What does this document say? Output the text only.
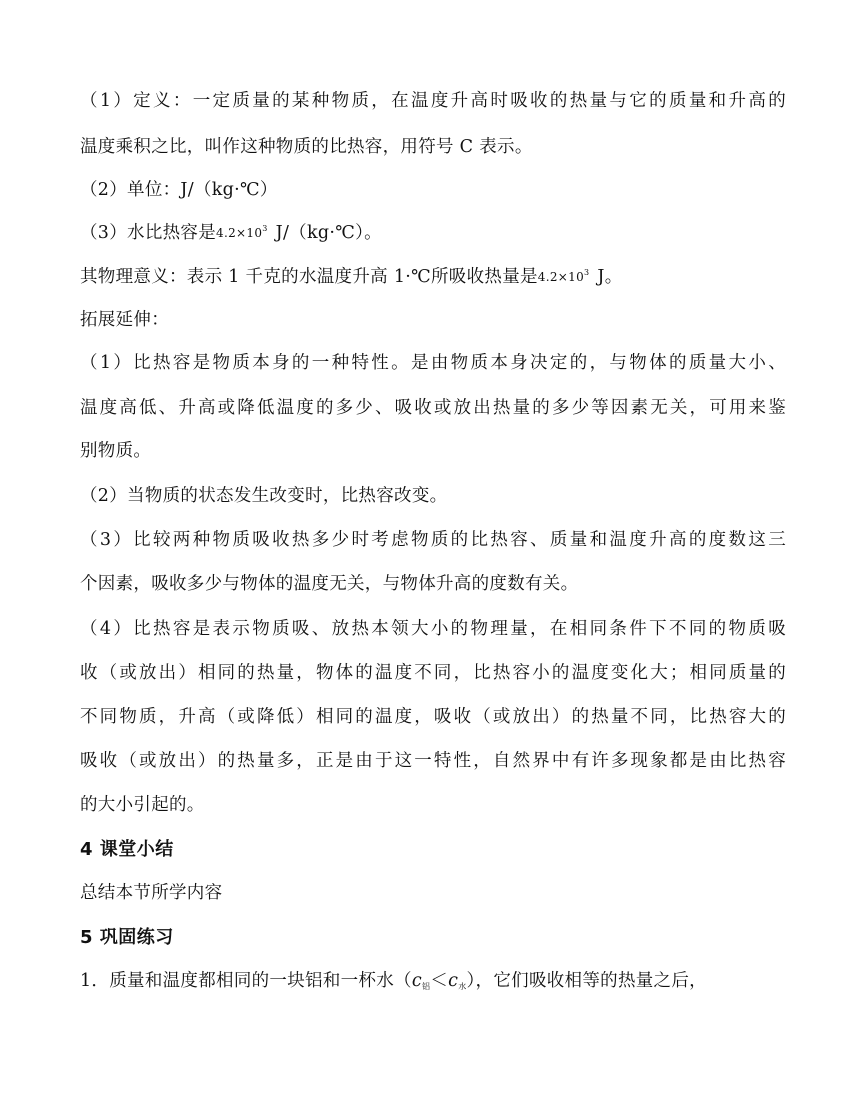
（1）定义：一定质量的某种物质，在温度升高时吸收的热量与它的质量和升高的
温度乘积之比，叫作这种物质的比热容，用符号 C 表示。
（2）单位：J/（kg·℃）
（3）水比热容是$4.2\times 10^3$ J/（kg·℃）。
其物理意义：表示 1 千克的水温度升高 1·℃所吸收热量是$4.2\times 10^3$ J。
拓展延伸：
（1）比热容是物质本身的一种特性。是由物质本身决定的，与物体的质量大小、
温度高低、升高或降低温度的多少、吸收或放出热量的多少等因素无关，可用来鉴
别物质。
（2）当物质的状态发生改变时，比热容改变。
（3）比较两种物质吸收热多少时考虑物质的比热容、质量和温度升高的度数这三
个因素，吸收多少与物体的温度无关，与物体升高的度数有关。
（4）比热容是表示物质吸、放热本领大小的物理量，在相同条件下不同的物质吸
收（或放出）相同的热量，物体的温度不同，比热容小的温度变化大；相同质量的
不同物质，升高（或降低）相同的温度，吸收（或放出）的热量不同，比热容大的
吸收（或放出）的热量多，正是由于这一特性，自然界中有许多现象都是由比热容
的大小引起的。
4 课堂小结
总结本节所学内容
5 巩固练习
1．质量和温度都相同的一块铝和一杯水（c铝＜c水），它们吸收相等的热量之后，
